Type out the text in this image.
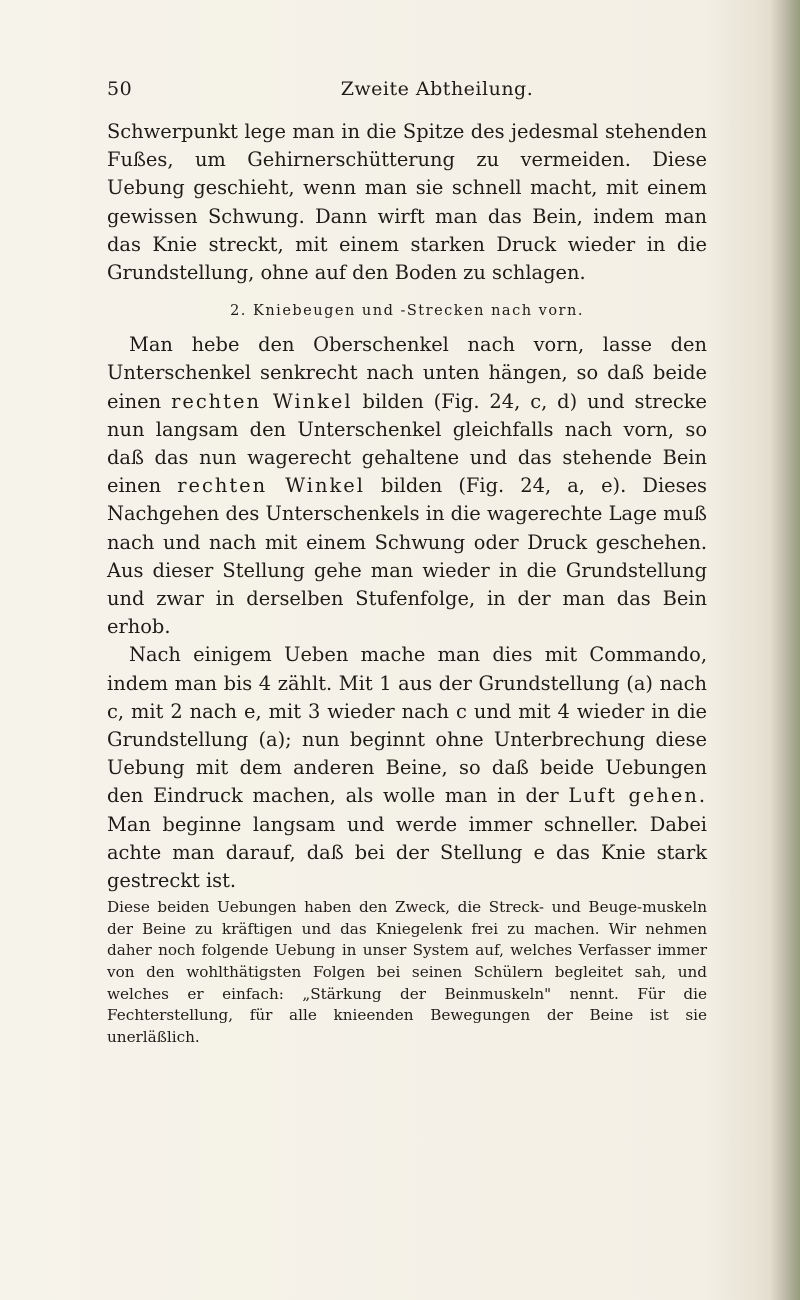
50	Zweite Abtheilung.

Schwerpunkt lege man in die Spitze des jedesmal stehenden Fußes, um Gehirnerschütterung zu vermeiden. Diese Uebung geschieht, wenn man sie schnell macht, mit einem gewissen Schwung. Dann wirft man das Bein, indem man das Knie streckt, mit einem starken Druck wieder in die Grundstellung, ohne auf den Boden zu schlagen.

2. Kniebeugen und -Strecken nach vorn.

Man hebe den Oberschenkel nach vorn, lasse den Unterschenkel senkrecht nach unten hängen, so daß beide einen rechten Winkel bilden (Fig. 24, c, d) und strecke nun langsam den Unterschenkel gleichfalls nach vorn, so daß das nun wagerecht gehaltene und das stehende Bein einen rechten Winkel bilden (Fig. 24, a, e). Dieses Nachgehen des Unterschenkels in die wagerechte Lage muß nach und nach mit einem Schwung oder Druck geschehen. Aus dieser Stellung gehe man wieder in die Grundstellung und zwar in derselben Stufenfolge, in der man das Bein erhob.

Nach einigem Ueben mache man dies mit Commando, indem man bis 4 zählt. Mit 1 aus der Grundstellung (a) nach c, mit 2 nach e, mit 3 wieder nach c und mit 4 wieder in die Grundstellung (a); nun beginnt ohne Unterbrechung diese Uebung mit dem anderen Beine, so daß beide Uebungen den Eindruck machen, als wolle man in der Luft gehen. Man beginne langsam und werde immer schneller. Dabei achte man darauf, daß bei der Stellung e das Knie stark gestreckt ist.

Diese beiden Uebungen haben den Zweck, die Streck- und Beuge-muskeln der Beine zu kräftigen und das Kniegelenk frei zu machen. Wir nehmen daher noch folgende Uebung in unser System auf, welches Verfasser immer von den wohlthätigsten Folgen bei seinen Schülern begleitet sah, und welches er einfach: „Stärkung der Beinmuskeln" nennt. Für die Fechterstellung, für alle knieenden Bewegungen der Beine ist sie unerläßlich.
